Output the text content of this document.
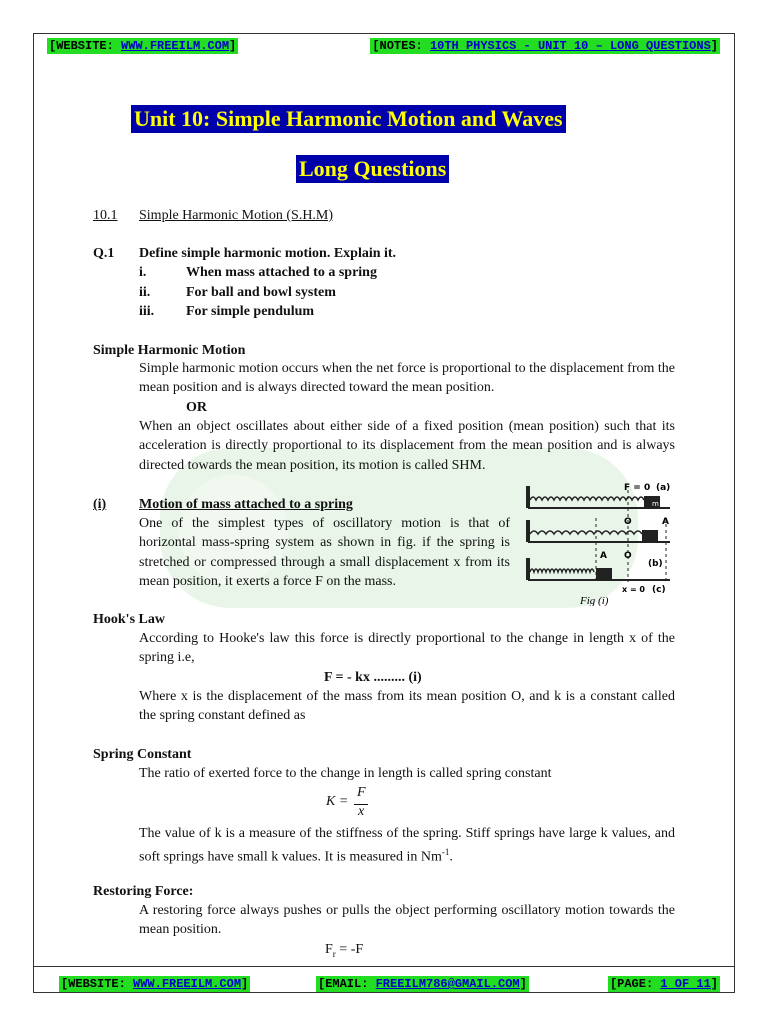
[WEBSITE: WWW.FREEILM.COM]	[NOTES: 10TH PHYSICS - UNIT 10 – LONG QUESTIONS]
Unit 10: Simple Harmonic Motion and Waves
Long Questions
10.1 Simple Harmonic Motion (S.H.M)
Q.1 Define simple harmonic motion. Explain it.
i.	When mass attached to a spring
ii.	For ball and bowl system
iii. For simple pendulum
Simple Harmonic Motion
Simple harmonic motion occurs when the net force is proportional to the displacement from the mean position and is always directed toward the mean position.
OR
When an object oscillates about either side of a fixed position (mean position) such that its acceleration is directly proportional to its displacement from the mean position and is always directed towards the mean position, its motion is called SHM.
(i) Motion of mass attached to a spring
One of the simplest types of oscillatory motion is that of horizontal mass-spring system as shown in fig. if the spring is stretched or compressed through a small displacement x from its mean position, it exerts a force F on the mass.
F = 0 (a)
m
O	A
A O
(b)
x = 0 (c)
Fig (i)
Hook's Law
According to Hooke's law this force is directly proportional to the change in length x of the spring i.e,
F = - kx ......... (i)
Where x is the displacement of the mass from its mean position O, and k is a constant called the spring constant defined as
Spring Constant
The ratio of exerted force to the change in length is called spring constant
K =
F
x
The value of k is a measure of the stiffness of the spring. Stiff springs have large k values, and soft springs have small k values. It is measured in $Nm^{-1}$.
Restoring Force:
A restoring force always pushes or pulls the object performing oscillatory motion towards the mean position.
$F_r = -F$
[WEBSITE: WWW.FREEILM.COM]	[EMAIL: FREEILM786@GMAIL.COM]	[PAGE: 1 OF 11]
